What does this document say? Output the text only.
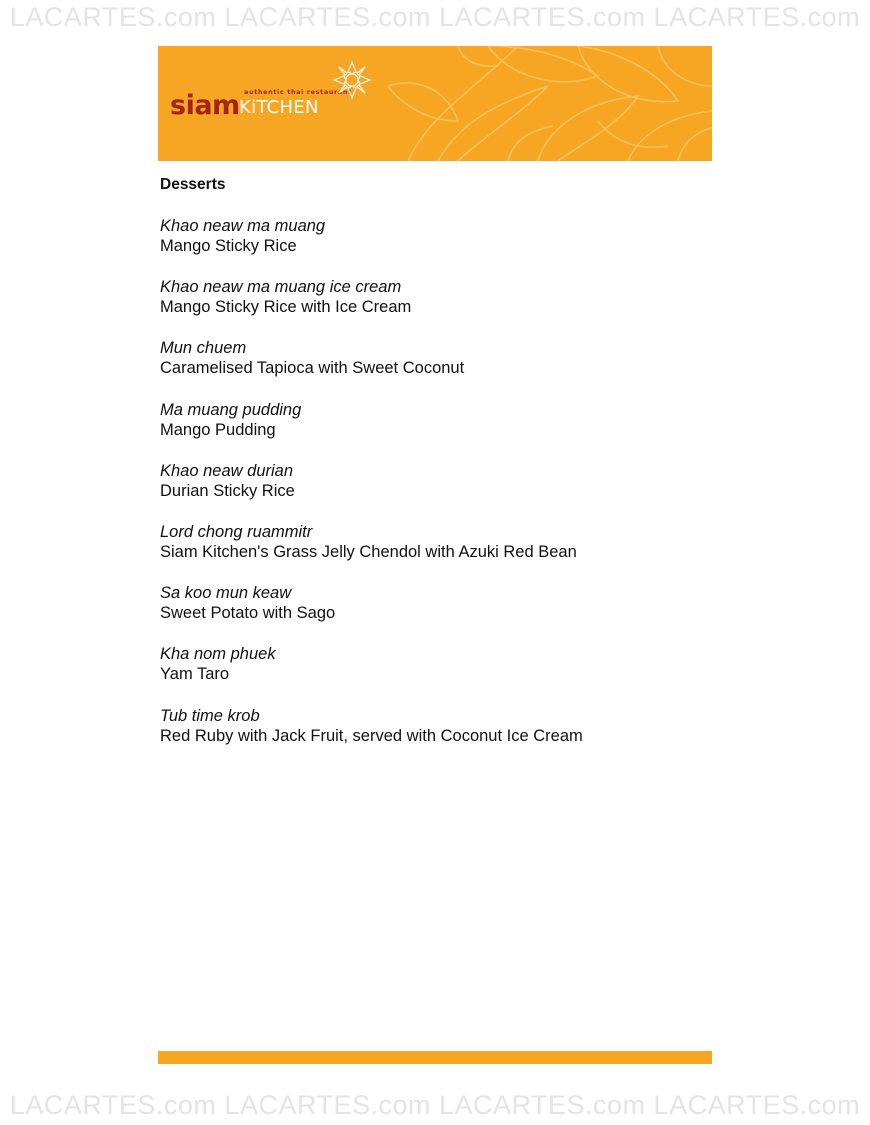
LACARTES.com LACARTES.com LACARTES.com LACARTES.com
authentic thai restaurant
siam KiTCHEN
Desserts
Khao neaw ma muang
Mango Sticky Rice
Khao neaw ma muang ice cream
Mango Sticky Rice with Ice Cream
Mun chuem
Caramelised Tapioca with Sweet Coconut
Ma muang pudding
Mango Pudding
Khao neaw durian
Durian Sticky Rice
Lord chong ruammitr
Siam Kitchen's Grass Jelly Chendol with Azuki Red Bean
Sa koo mun keaw
Sweet Potato with Sago
Kha nom phuek
Yam Taro
Tub time krob
Red Ruby with Jack Fruit, served with Coconut Ice Cream
LACARTES.com LACARTES.com LACARTES.com LACARTES.com
